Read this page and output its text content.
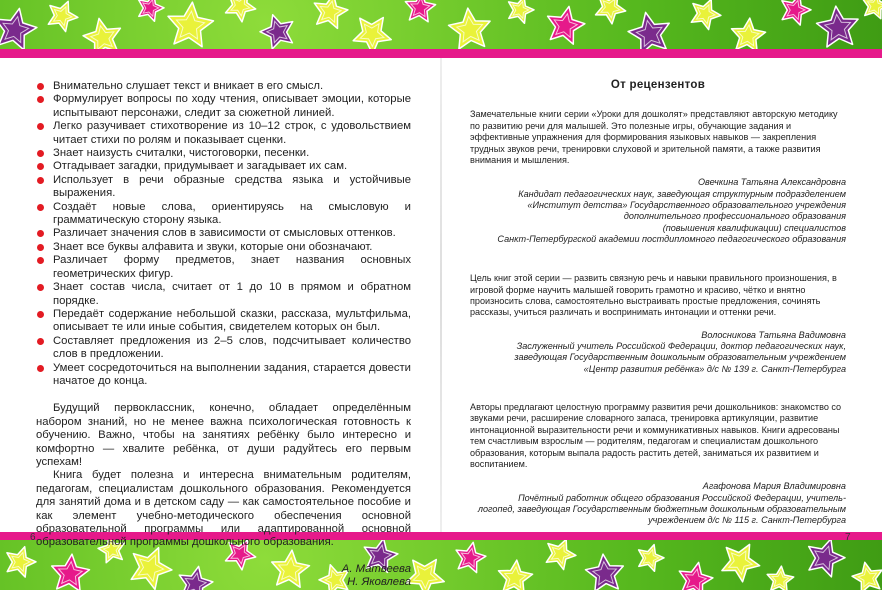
Внимательно слушает текст и вникает в его смысл.
Формулирует вопросы по ходу чтения, описывает эмоции, которые испытывают персонажи, следит за сюжетной линией.
Легко разучивает стихотворение из 10–12 строк, с удовольствием читает стихи по ролям и показывает сценки.
Знает наизусть считалки, чистоговорки, песенки.
Отгадывает загадки, придумывает и загадывает их сам.
Использует в речи образные средства языка и устойчивые выражения.
Создаёт новые слова, ориентируясь на смысловую и грамматическую сторону языка.
Различает значения слов в зависимости от смысловых оттенков.
Знает все буквы алфавита и звуки, которые они обозначают.
Различает форму предметов, знает названия основных геометрических фигур.
Знает состав числа, считает от 1 до 10 в прямом и обратном порядке.
Передаёт содержание небольшой сказки, рассказа, мультфильма, описывает те или иные события, свидетелем которых он был.
Составляет предложения из 2–5 слов, подсчитывает количество слов в предложении.
Умеет сосредоточиться на выполнении задания, старается довести начатое до конца.

Будущий первоклассник, конечно, обладает определённым набором знаний, но не менее важна психологическая готовность к обучению. Важно, чтобы на занятиях ребёнку было интересно и комфортно — хвалите ребёнка, от души радуйтесь его первым успехам!

Книга будет полезна и интересна внимательным родителям, педагогам, специалистам дошкольного образования. Рекомендуется для занятий дома и в детском саду — как самостоятельное пособие и как элемент учебно-методического обеспечения основной образовательной программы или адаптированной основной образовательной программы дошкольного образования.

А. Матвеева
Н. Яковлева
От рецензентов

Замечательные книги серии «Уроки для дошколят» представляют авторскую методику по развитию речи для малышей. Это полезные игры, обучающие задания и эффективные упражнения для формирования языковых навыков — закрепления трудных звуков речи, тренировки слуховой и зрительной памяти, а также развития внимания и мышления.

Овечкина Татьяна Александровна
Кандидат педагогических наук, заведующая структурным подразделением
«Институт детства» Государственного образовательного учреждения
дополнительного профессионального образования
(повышения квалификации) специалистов
Санкт-Петербургской академии постдипломного педагогического образования

Цель книг этой серии — развить связную речь и навыки правильного произношения, в игровой форме научить малышей говорить грамотно и красиво, чётко и внятно произносить слова, самостоятельно выстраивать простые предложения, сочинять рассказы, учиться различать и воспринимать интонации и оттенки речи.

Волосникова Татьяна Вадимовна
Заслуженный учитель Российской Федерации, доктор педагогических наук,
заведующая Государственным дошкольным образовательным учреждением
«Центр развития ребёнка» д/с № 139 г. Санкт-Петербурга

Авторы предлагают целостную программу развития речи дошкольников: знакомство со звуками речи, расширение словарного запаса, тренировка артикуляции, развитие интонационной выразительности речи и коммуникативных навыков. Книги адресованы тем счастливым взрослым — родителям, педагогам и специалистам дошкольного образования, которым выпала радость растить детей, заниматься их развитием и воспитанием.

Агафонова Мария Владимировна
Почётный работник общего образования Российской Федерации, учитель-
логопед, заведующая Государственным бюджетным дошкольным образовательным
учреждением д/с № 115 г. Санкт-Петербурга
6	7
